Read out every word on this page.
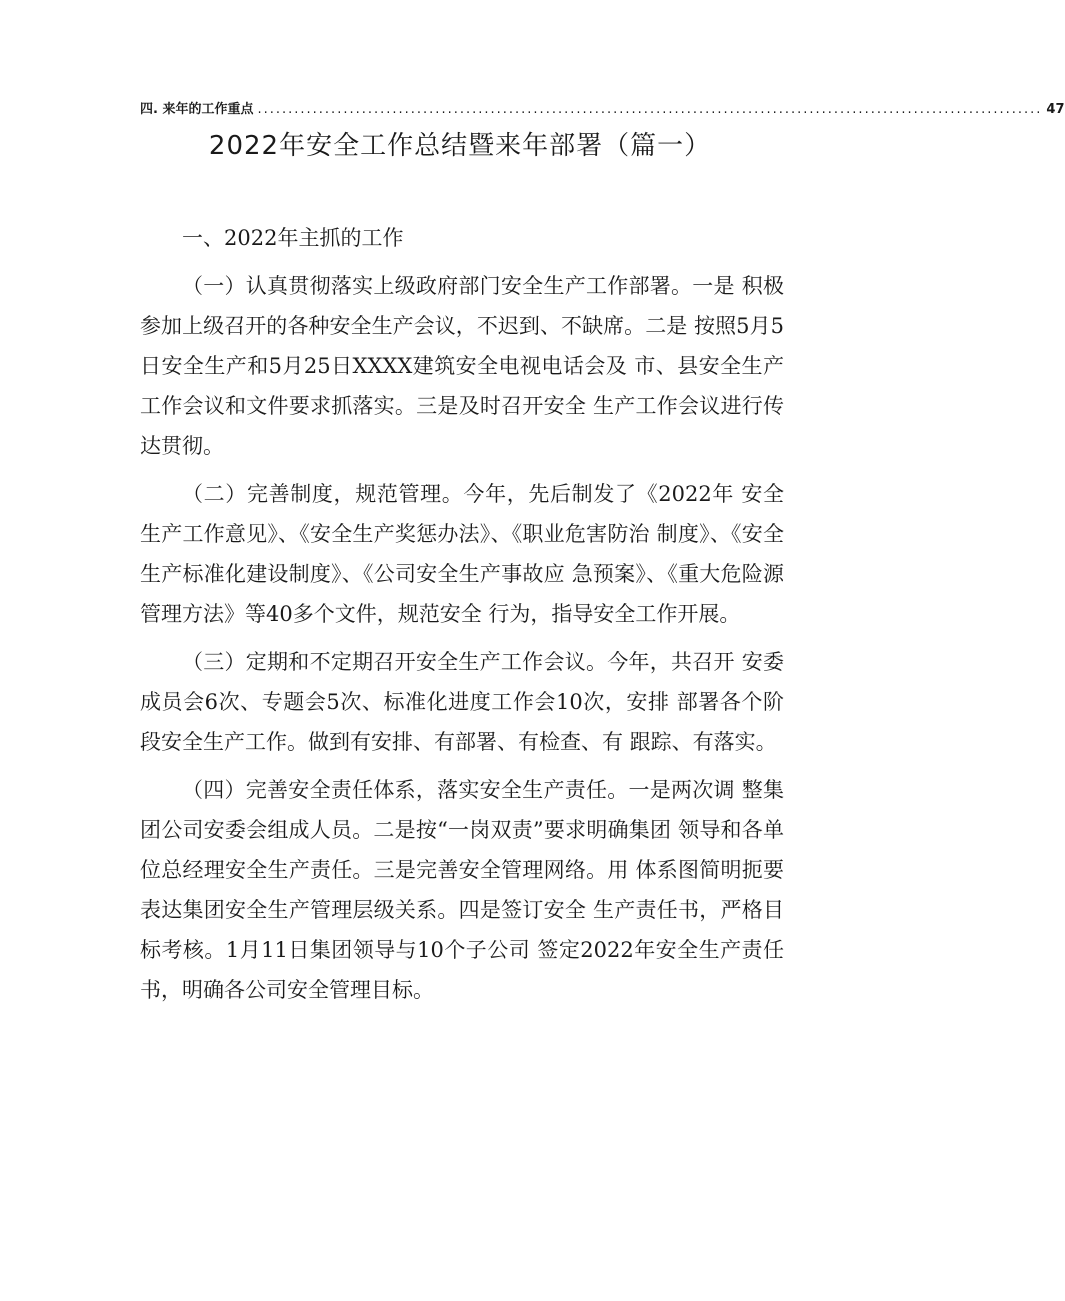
四. 来年的工作重点 ................................................................................................................................ 47
2022年安全工作总结暨来年部署（篇一）

一、2022年主抓的工作

（一）认真贯彻落实上级政府部门安全生产工作部署。一是 积极参加上级召开的各种安全生产会议，不迟到、不缺席。二是 按照5月5日安全生产和5月25日XXXX建筑安全电视电话会及 市、县安全生产工作会议和文件要求抓落实。三是及时召开安全 生产工作会议进行传达贯彻。

（二）完善制度，规范管理。今年，先后制发了《2022年 安全生产工作意见》、《安全生产奖惩办法》、《职业危害防治 制度》、《安全生产标准化建设制度》、《公司安全生产事故应 急预案》、《重大危险源管理方法》等40多个文件，规范安全 行为，指导安全工作开展。

（三）定期和不定期召开安全生产工作会议。今年，共召开 安委成员会6次、专题会5次、标准化进度工作会10次，安排 部署各个阶段安全生产工作。做到有安排、有部署、有检查、有 跟踪、有落实。

（四）完善安全责任体系，落实安全生产责任。一是两次调 整集团公司安委会组成人员。二是按“一岗双责”要求明确集团 领导和各单位总经理安全生产责任。三是完善安全管理网络。用 体系图简明扼要表达集团安全生产管理层级关系。四是签订安全 生产责任书，严格目标考核。1月11日集团领导与10个子公司 签定2022年安全生产责任书，明确各公司安全管理目标。
